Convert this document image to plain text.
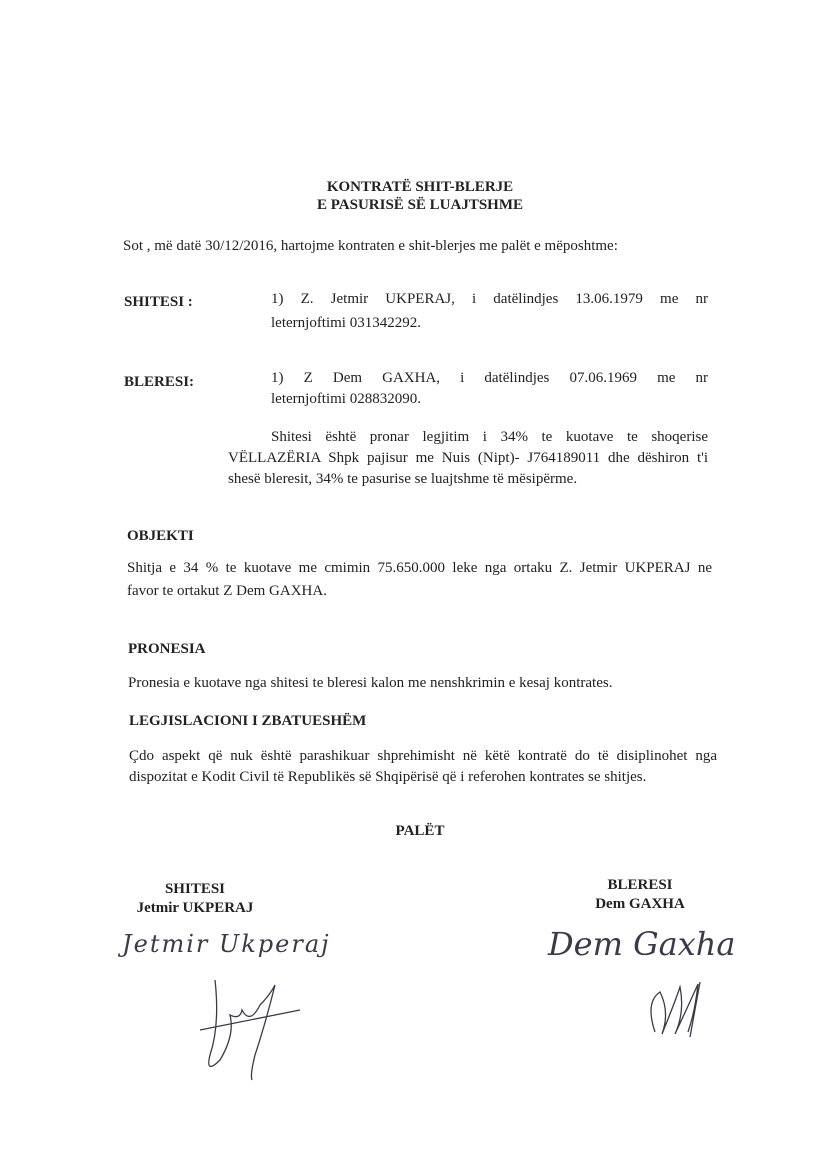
KONTRATË SHIT-BLERJE
E PASURISË SË LUAJTSHME
Sot , më datë 30/12/2016, hartojme kontraten e shit-blerjes me palët e mëposhtme:
SHITESI :	1) Z. Jetmir UKPERAJ, i datëlindjes 13.06.1979 me nr
leternjoftimi 031342292.
BLERESI:	1) Z Dem GAXHA, i datëlindjes 07.06.1969 me nr
leternjoftimi 028832090.
Shitesi është pronar legjitim i 34% te kuotave te shoqerise
VËLLAZËRIA Shpk pajisur me Nuis (Nipt)- J764189011 dhe dëshiron t'i
shesë bleresit, 34% te pasurise se luajtshme të mësipërme.
OBJEKTI
Shitja e 34 % te kuotave me cmimin 75.650.000 leke nga ortaku Z. Jetmir UKPERAJ ne
favor te ortakut Z Dem GAXHA.
PRONESIA
Pronesia e kuotave nga shitesi te bleresi kalon me nenshkrimin e kesaj kontrates.
LEGJISLACIONI I ZBATUESHËM
Çdo aspekt që nuk është parashikuar shprehimisht në këtë kontratë do të disiplinohet nga
dispozitat e Kodit Civil të Republikës së Shqipërisë që i referohen kontrates se shitjes.
PALËT
SHITESI
Jetmir UKPERAJ
BLERESI
Dem GAXHA
Jetmir Ukperaj	Dem Gaxha
